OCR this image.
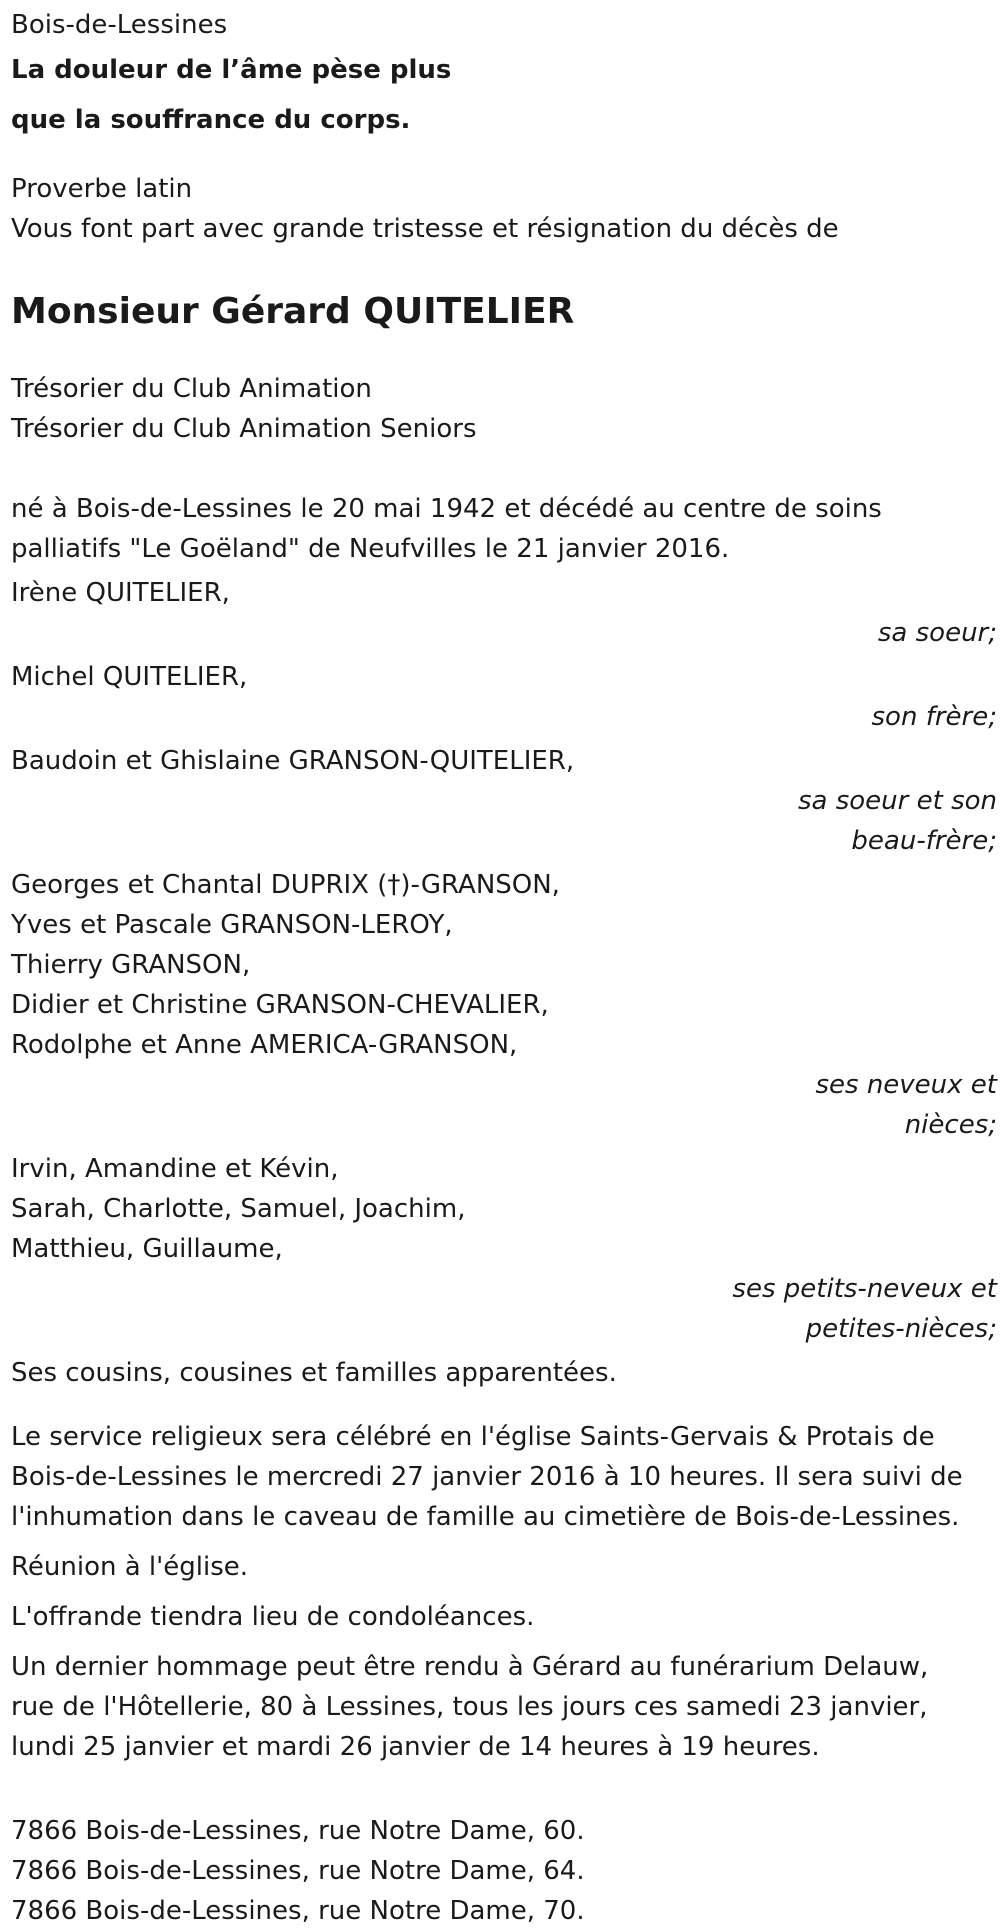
Bois-de-Lessines

La douleur de l’âme pèse plus

que la souffrance du corps.

Proverbe latin

Vous font part avec grande tristesse et résignation du décès de

Monsieur Gérard QUITELIER

Trésorier du Club Animation

Trésorier du Club Animation Seniors

né à Bois-de-Lessines le 20 mai 1942 et décédé au centre de soins

palliatifs "Le Goëland" de Neufvilles le 21 janvier 2016.

Irène QUITELIER,

sa soeur;

Michel QUITELIER,

son frère;

Baudoin et Ghislaine GRANSON-QUITELIER,

sa soeur et son

beau-frère;

Georges et Chantal DUPRIX (†)-GRANSON,

Yves et Pascale GRANSON-LEROY,

Thierry GRANSON,

Didier et Christine GRANSON-CHEVALIER,

Rodolphe et Anne AMERICA-GRANSON,

ses neveux et

nièces;

Irvin, Amandine et Kévin,

Sarah, Charlotte, Samuel, Joachim,

Matthieu, Guillaume,

ses petits-neveux et

petites-nièces;

Ses cousins, cousines et familles apparentées.

Le service religieux sera célébré en l'église Saints-Gervais & Protais de

Bois-de-Lessines le mercredi 27 janvier 2016 à 10 heures. Il sera suivi de

l'inhumation dans le caveau de famille au cimetière de Bois-de-Lessines.

Réunion à l'église.

L'offrande tiendra lieu de condoléances.

Un dernier hommage peut être rendu à Gérard au funérarium Delauw,

rue de l'Hôtellerie, 80 à Lessines, tous les jours ces samedi 23 janvier,

lundi 25 janvier et mardi 26 janvier de 14 heures à 19 heures.

7866 Bois-de-Lessines, rue Notre Dame, 60.

7866 Bois-de-Lessines, rue Notre Dame, 64.

7866 Bois-de-Lessines, rue Notre Dame, 70.
